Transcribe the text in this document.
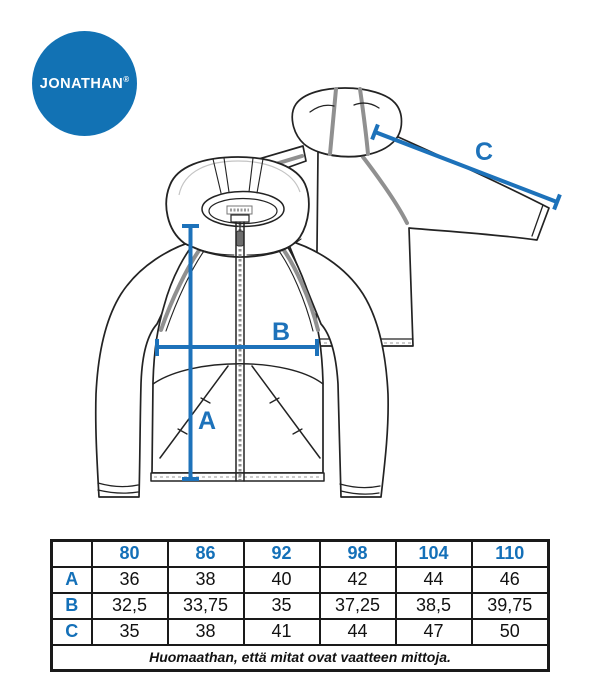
JONATHAN®
A
B
C
	80	86	92	98	104	110
A	36	38	40	42	44	46
B	32,5	33,75	35	37,25	38,5	39,75
C	35	38	41	44	47	50
Huomaathan, että mitat ovat vaatteen mittoja.						
